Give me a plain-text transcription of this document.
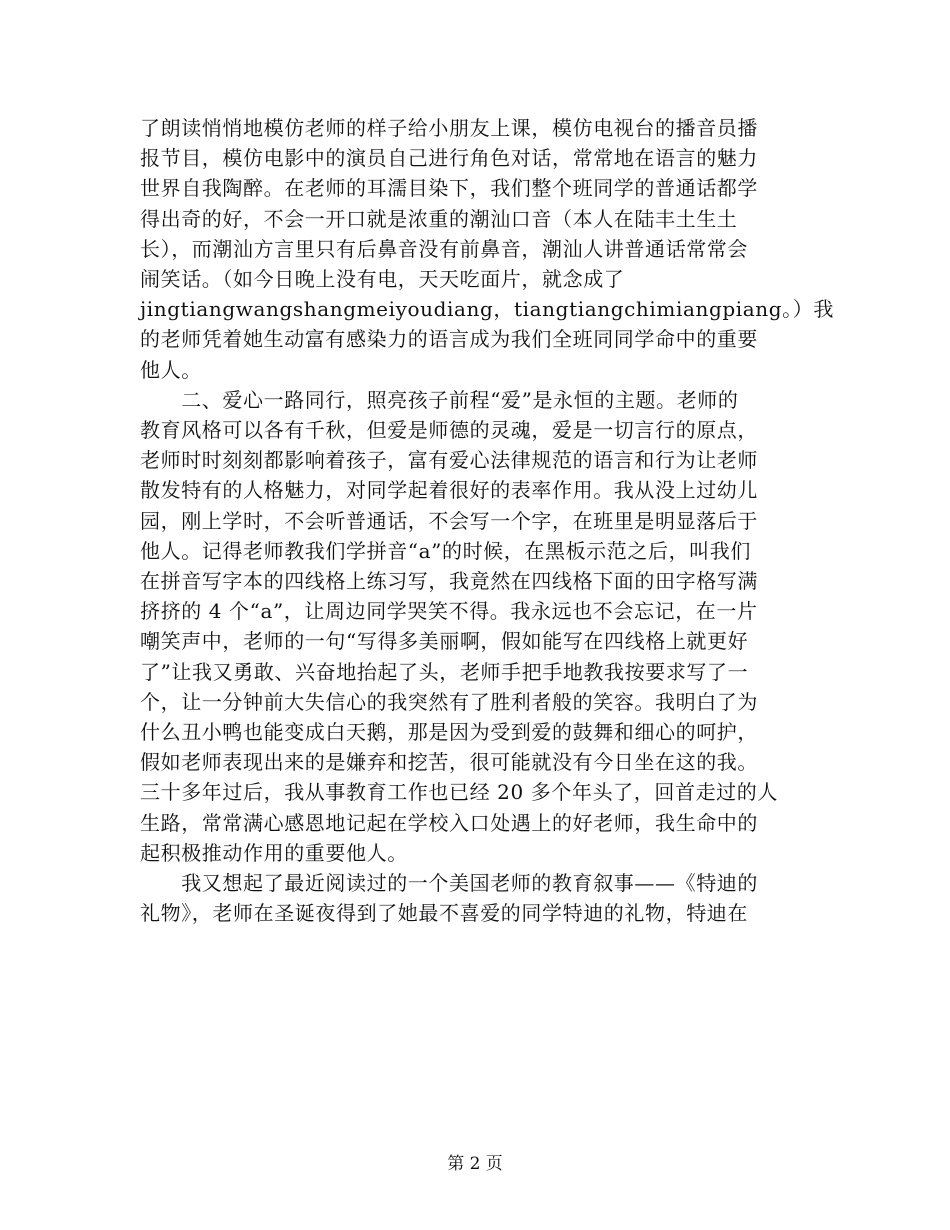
了朗读悄悄地模仿老师的样子给小朋友上课，模仿电视台的播音员播
报节目，模仿电影中的演员自己进行角色对话，常常地在语言的魅力
世界自我陶醉。在老师的耳濡目染下，我们整个班同学的普通话都学
得出奇的好，不会一开口就是浓重的潮汕口音（本人在陆丰土生土
长），而潮汕方言里只有后鼻音没有前鼻音，潮汕人讲普通话常常会
闹笑话。（如今日晚上没有电，天天吃面片，就念成了
jingtiangwangshangmeiyoudiang，tiangtiangchimiangpiang。）我
的老师凭着她生动富有感染力的语言成为我们全班同同学命中的重要
他人。
　　二、爱心一路同行，照亮孩子前程“爱”是永恒的主题。老师的
教育风格可以各有千秋，但爱是师德的灵魂，爱是一切言行的原点，
老师时时刻刻都影响着孩子，富有爱心法律规范的语言和行为让老师
散发特有的人格魅力，对同学起着很好的表率作用。我从没上过幼儿
园，刚上学时，不会听普通话，不会写一个字，在班里是明显落后于
他人。记得老师教我们学拼音“a”的时候，在黑板示范之后，叫我们
在拼音写字本的四线格上练习写，我竟然在四线格下面的田字格写满
挤挤的 4 个“a”，让周边同学哭笑不得。我永远也不会忘记，在一片
嘲笑声中，老师的一句“写得多美丽啊，假如能写在四线格上就更好
了”让我又勇敢、兴奋地抬起了头，老师手把手地教我按要求写了一
个，让一分钟前大失信心的我突然有了胜利者般的笑容。我明白了为
什么丑小鸭也能变成白天鹅，那是因为受到爱的鼓舞和细心的呵护，
假如老师表现出来的是嫌弃和挖苦，很可能就没有今日坐在这的我。
三十多年过后，我从事教育工作也已经 20 多个年头了，回首走过的人
生路，常常满心感恩地记起在学校入口处遇上的好老师，我生命中的
起积极推动作用的重要他人。
　　我又想起了最近阅读过的一个美国老师的教育叙事——《特迪的
礼物》，老师在圣诞夜得到了她最不喜爱的同学特迪的礼物，特迪在
第 2 页
